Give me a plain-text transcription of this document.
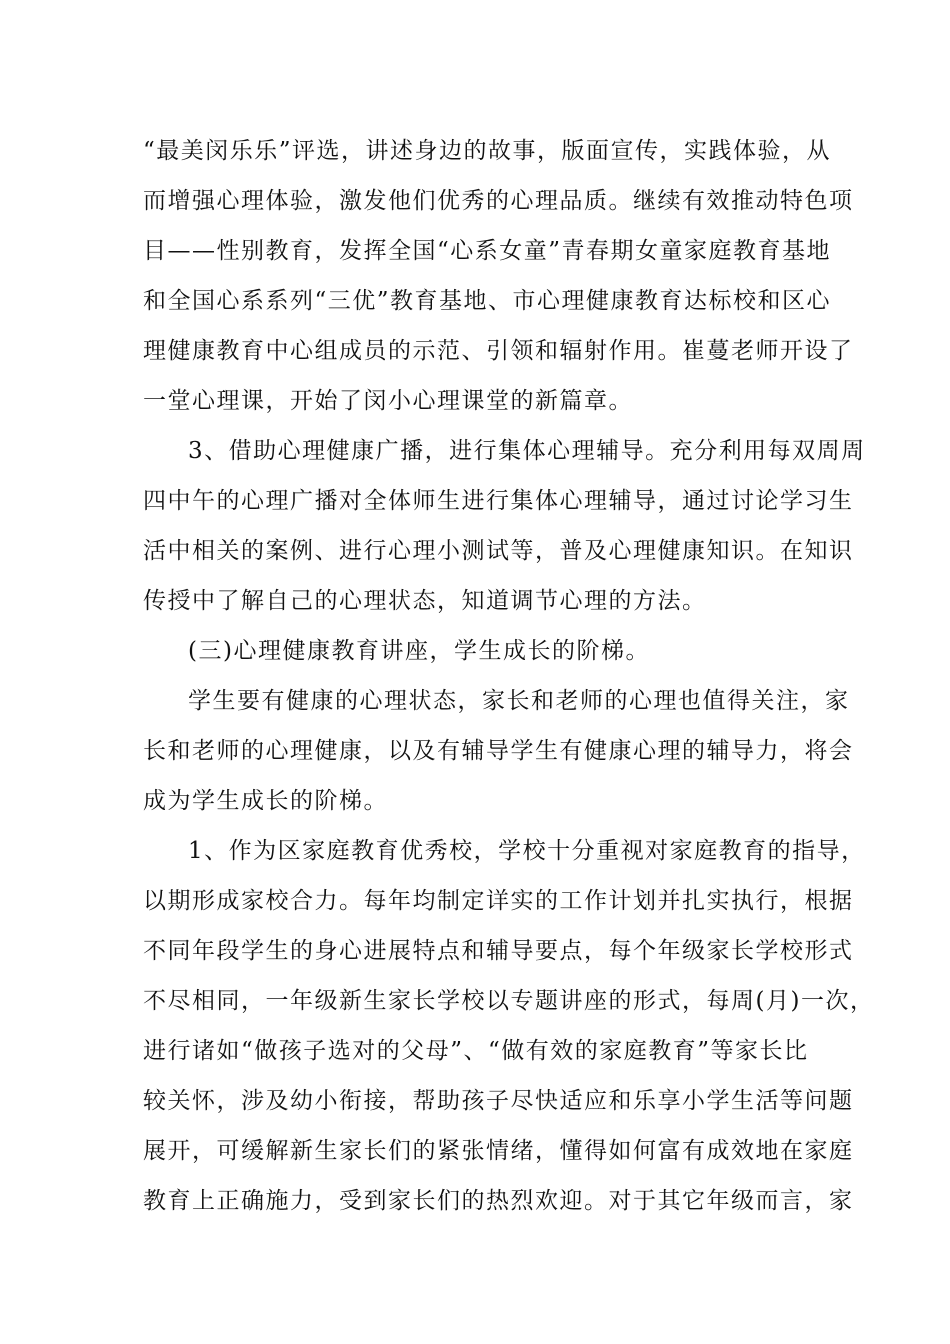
“最美闵乐乐”评选，讲述身边的故事，版面宣传，实践体验，从
而增强心理体验，激发他们优秀的心理品质。继续有效推动特色项
目——性别教育，发挥全国“心系女童”青春期女童家庭教育基地
和全国心系系列“三优”教育基地、市心理健康教育达标校和区心
理健康教育中心组成员的示范、引领和辐射作用。崔蔓老师开设了
一堂心理课，开始了闵小心理课堂的新篇章。
3、借助心理健康广播，进行集体心理辅导。充分利用每双周周
四中午的心理广播对全体师生进行集体心理辅导，通过讨论学习生
活中相关的案例、进行心理小测试等，普及心理健康知识。在知识
传授中了解自己的心理状态，知道调节心理的方法。
(三)心理健康教育讲座，学生成长的阶梯。
学生要有健康的心理状态，家长和老师的心理也值得关注，家
长和老师的心理健康，以及有辅导学生有健康心理的辅导力，将会
成为学生成长的阶梯。
1、作为区家庭教育优秀校，学校十分重视对家庭教育的指导，
以期形成家校合力。每年均制定详实的工作计划并扎实执行，根据
不同年段学生的身心进展特点和辅导要点，每个年级家长学校形式
不尽相同，一年级新生家长学校以专题讲座的形式，每周(月)一次，
进行诸如“做孩子选对的父母”、“做有效的家庭教育”等家长比
较关怀，涉及幼小衔接，帮助孩子尽快适应和乐享小学生活等问题
展开，可缓解新生家长们的紧张情绪，懂得如何富有成效地在家庭
教育上正确施力，受到家长们的热烈欢迎。对于其它年级而言，家
